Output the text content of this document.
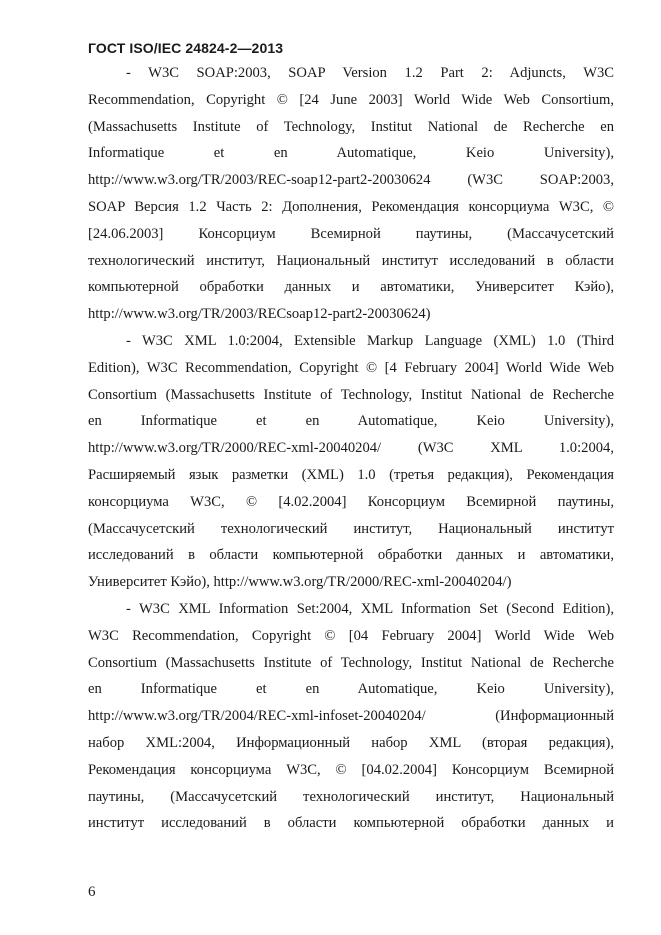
ГОСТ ISO/IEC 24824-2—2013
- W3C SOAP:2003, SOAP Version 1.2 Part 2: Adjuncts, W3C
Recommendation, Copyright © [24 June 2003] World Wide Web Consortium,
(Massachusetts Institute of Technology, Institut National de Recherche en
Informatique et en Automatique, Keio University),
http://www.w3.org/TR/2003/REC-soap12-part2-20030624 (W3C SOAP:2003,
SOAP Версия 1.2 Часть 2: Дополнения, Рекомендация консорциума W3C, ©
[24.06.2003] Консорциум Всемирной паутины, (Массачусетский
технологический институт, Национальный институт исследований в области
компьютерной обработки данных и автоматики, Университет Кэйо),
http://www.w3.org/TR/2003/RECsoap12-part2-20030624)
- W3C XML 1.0:2004, Extensible Markup Language (XML) 1.0 (Third
Edition), W3C Recommendation, Copyright © [4 February 2004] World Wide Web
Consortium (Massachusetts Institute of Technology, Institut National de Recherche
en Informatique et en Automatique, Keio University),
http://www.w3.org/TR/2000/REC-xml-20040204/ (W3C XML 1.0:2004,
Расширяемый язык разметки (XML) 1.0 (третья редакция), Рекомендация
консорциума W3C, © [4.02.2004] Консорциум Всемирной паутины,
(Массачусетский технологический институт, Национальный институт
исследований в области компьютерной обработки данных и автоматики,
Университет Кэйо), http://www.w3.org/TR/2000/REC-xml-20040204/)
- W3C XML Information Set:2004, XML Information Set (Second Edition),
W3C Recommendation, Copyright © [04 February 2004] World Wide Web
Consortium (Massachusetts Institute of Technology, Institut National de Recherche
en Informatique et en Automatique, Keio University),
http://www.w3.org/TR/2004/REC-xml-infoset-20040204/ (Информационный
набор XML:2004, Информационный набор XML (вторая редакция),
Рекомендация консорциума W3C, © [04.02.2004] Консорциум Всемирной
паутины, (Массачусетский технологический институт, Национальный
институт исследований в области компьютерной обработки данных и
6
